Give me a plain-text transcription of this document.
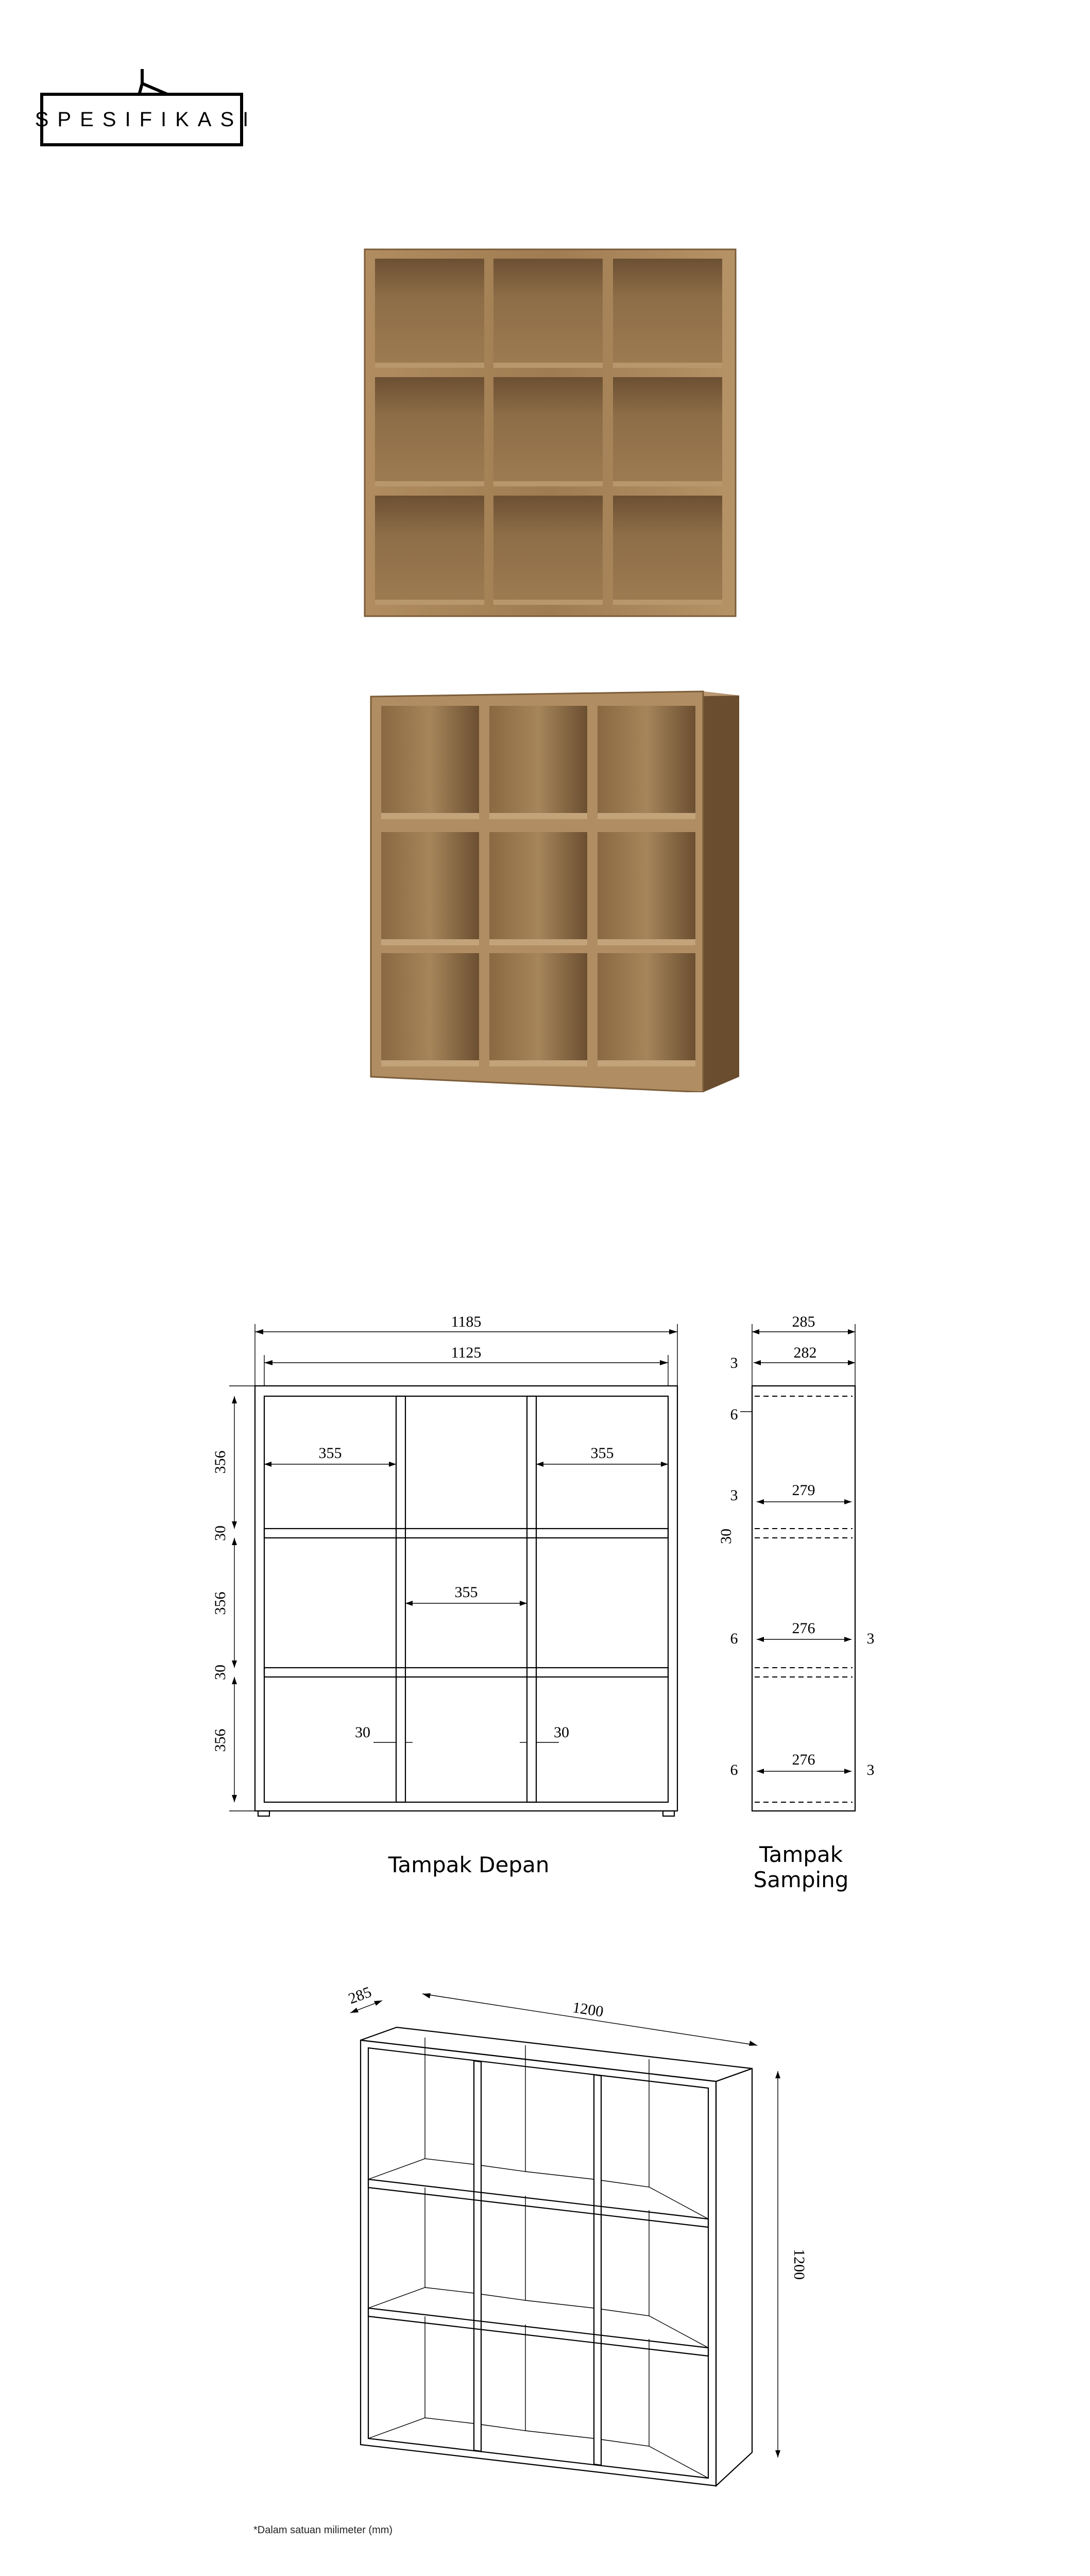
SPESIFIKASI
1185
1125
355	355
355
30	30
356
356
356
30
30
285
282
3
6
279
3
30
276
6	3
276
6	3
Tampak Depan	Tampak Samping
1200
285
1200
*Dalam satuan milimeter (mm)
